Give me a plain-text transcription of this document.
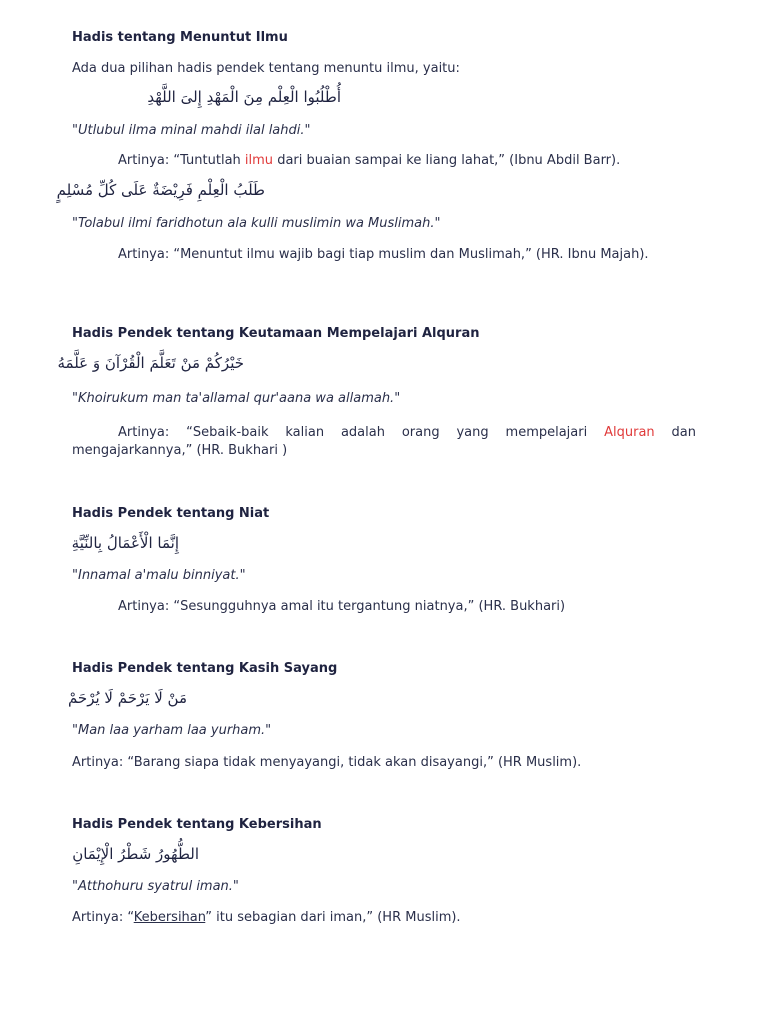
Hadis tentang Menuntut Ilmu
Ada dua pilihan hadis pendek tentang menuntu ilmu, yaitu:
أُطْلُبُوا الْعِلْم مِنَ الْمَهْدِ إِلىَ اللَّهْدِ
"Utlubul ilma minal mahdi ilal lahdi."
Artinya: “Tuntutlah ilmu dari buaian sampai ke liang lahat,” (Ibnu Abdil Barr).
طَلَبُ الْعِلْمِ فَرِيْضَةٌ عَلَى كُلِّ مُسْلِمٍ
"Tolabul ilmi faridhotun ala kulli muslimin wa Muslimah."
Artinya: “Menuntut ilmu wajib bagi tiap muslim dan Muslimah,” (HR. Ibnu Majah).
Hadis Pendek tentang Keutamaan Mempelajari Alquran
خَيْرُكُمْ مَنْ تَعَلَّمَ الْقُرْآنَ وَ عَلَّمَهُ
"Khoirukum man ta'allamal qur'aana wa allamah."
Artinya: “Sebaik-baik kalian adalah orang yang mempelajari Alquran dan mengajarkannya,” (HR. Bukhari )
Hadis Pendek tentang Niat
إِنَّمَا الْأَعْمَالُ بِالنِّيَّةِ
"Innamal a'malu binniyat."
Artinya: “Sesungguhnya amal itu tergantung niatnya,” (HR. Bukhari)
Hadis Pendek tentang Kasih Sayang
مَنْ لَا يَرْحَمْ لَا يُرْحَمْ
"Man laa yarham laa yurham."
Artinya: “Barang siapa tidak menyayangi, tidak akan disayangi,” (HR Muslim).
Hadis Pendek tentang Kebersihan
الطُّهُورُ شَطْرُ الْإِيْمَانِ
"Atthohuru syatrul iman."
Artinya: “Kebersihan” itu sebagian dari iman,” (HR Muslim).
